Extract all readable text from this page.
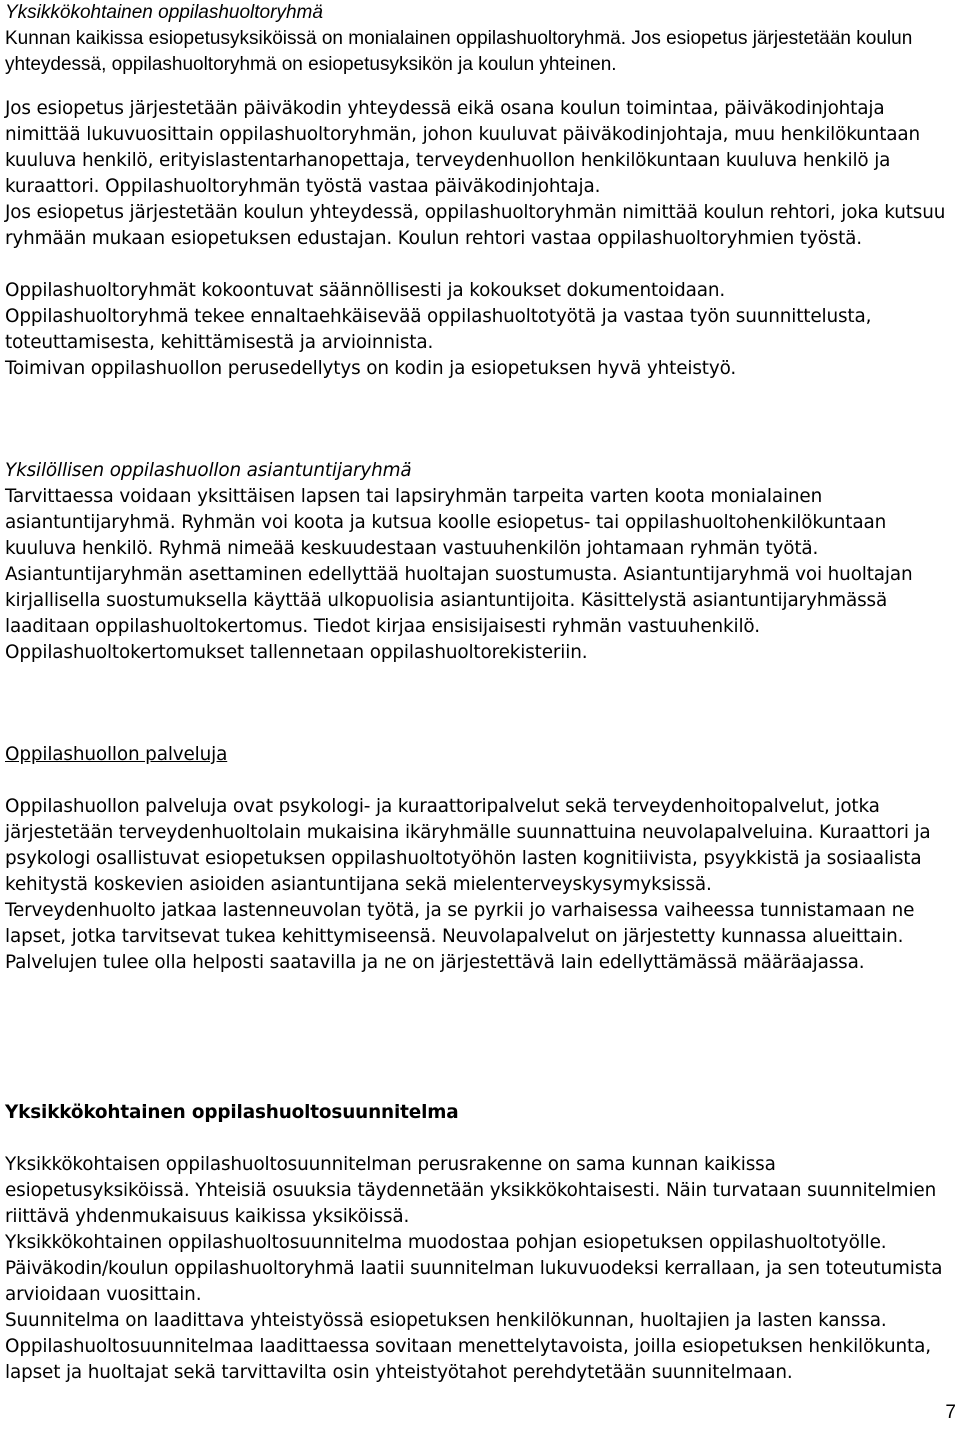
Yksikkökohtainen oppilashuoltoryhmä

Kunnan kaikissa esiopetusyksiköissä on monialainen oppilashuoltoryhmä. Jos esiopetus järjestetään koulun yhteydessä, oppilashuoltoryhmä on esiopetusyksikön ja koulun yhteinen.

Jos esiopetus järjestetään päiväkodin yhteydessä eikä osana koulun toimintaa, päiväkodinjohtaja nimittää lukuvuosittain oppilashuoltoryhmän, johon kuuluvat päiväkodinjohtaja, muu henkilökuntaan kuuluva henkilö, erityislastentarhanopettaja, terveydenhuollon henkilökuntaan kuuluva henkilö ja kuraattori. Oppilashuoltoryhmän työstä vastaa päiväkodinjohtaja.

Jos esiopetus järjestetään koulun yhteydessä, oppilashuoltoryhmän nimittää koulun rehtori, joka kutsuu ryhmään mukaan esiopetuksen edustajan. Koulun rehtori vastaa oppilashuoltoryhmien työstä.

Oppilashuoltoryhmät kokoontuvat säännöllisesti ja kokoukset dokumentoidaan.

Oppilashuoltoryhmä tekee ennaltaehkäisevää oppilashuoltotyötä ja vastaa työn suunnittelusta, toteuttamisesta, kehittämisestä ja arvioinnista.

Toimivan oppilashuollon perusedellytys on kodin ja esiopetuksen hyvä yhteistyö.

Yksilöllisen oppilashuollon asiantuntijaryhmä

Tarvittaessa voidaan yksittäisen lapsen tai lapsiryhmän tarpeita varten koota monialainen asiantuntijaryhmä. Ryhmän voi koota ja kutsua koolle esiopetus- tai oppilashuoltohenkilökuntaan kuuluva henkilö. Ryhmä nimeää keskuudestaan vastuuhenkilön johtamaan ryhmän työtä. Asiantuntijaryhmän asettaminen edellyttää huoltajan suostumusta. Asiantuntijaryhmä voi huoltajan kirjallisella suostumuksella käyttää ulkopuolisia asiantuntijoita. Käsittelystä asiantuntijaryhmässä laaditaan oppilashuoltokertomus. Tiedot kirjaa ensisijaisesti ryhmän vastuuhenkilö. Oppilashuoltokertomukset tallennetaan oppilashuoltorekisteriin.

Oppilashuollon palveluja

Oppilashuollon palveluja ovat psykologi- ja kuraattoripalvelut sekä terveydenhoitopalvelut, jotka järjestetään terveydenhuoltolain mukaisina ikäryhmälle suunnattuina neuvolapalveluina. Kuraattori ja psykologi osallistuvat esiopetuksen oppilashuoltotyöhön lasten kognitiivista, psyykkistä ja sosiaalista kehitystä koskevien asioiden asiantuntijana sekä mielenterveyskysymyksissä.

Terveydenhuolto jatkaa lastenneuvolan työtä, ja se pyrkii jo varhaisessa vaiheessa tunnistamaan ne lapset, jotka tarvitsevat tukea kehittymiseensä. Neuvolapalvelut on järjestetty kunnassa alueittain.

Palvelujen tulee olla helposti saatavilla ja ne on järjestettävä lain edellyttämässä määräajassa.

Yksikkökohtainen oppilashuoltosuunnitelma

Yksikkökohtaisen oppilashuoltosuunnitelman perusrakenne on sama kunnan kaikissa esiopetusyksiköissä. Yhteisiä osuuksia täydennetään yksikkökohtaisesti. Näin turvataan suunnitelmien riittävä yhdenmukaisuus kaikissa yksiköissä.

Yksikkökohtainen oppilashuoltosuunnitelma muodostaa pohjan esiopetuksen oppilashuoltotyölle. Päiväkodin/koulun oppilashuoltoryhmä laatii suunnitelman lukuvuodeksi kerrallaan, ja sen toteutumista arvioidaan vuosittain.

Suunnitelma on laadittava yhteistyössä esiopetuksen henkilökunnan, huoltajien ja lasten kanssa. Oppilashuoltosuunnitelmaa laadittaessa sovitaan menettelytavoista, joilla esiopetuksen henkilökunta, lapset ja huoltajat sekä tarvittavilta osin yhteistyötahot perehdytetään suunnitelmaan.

7
